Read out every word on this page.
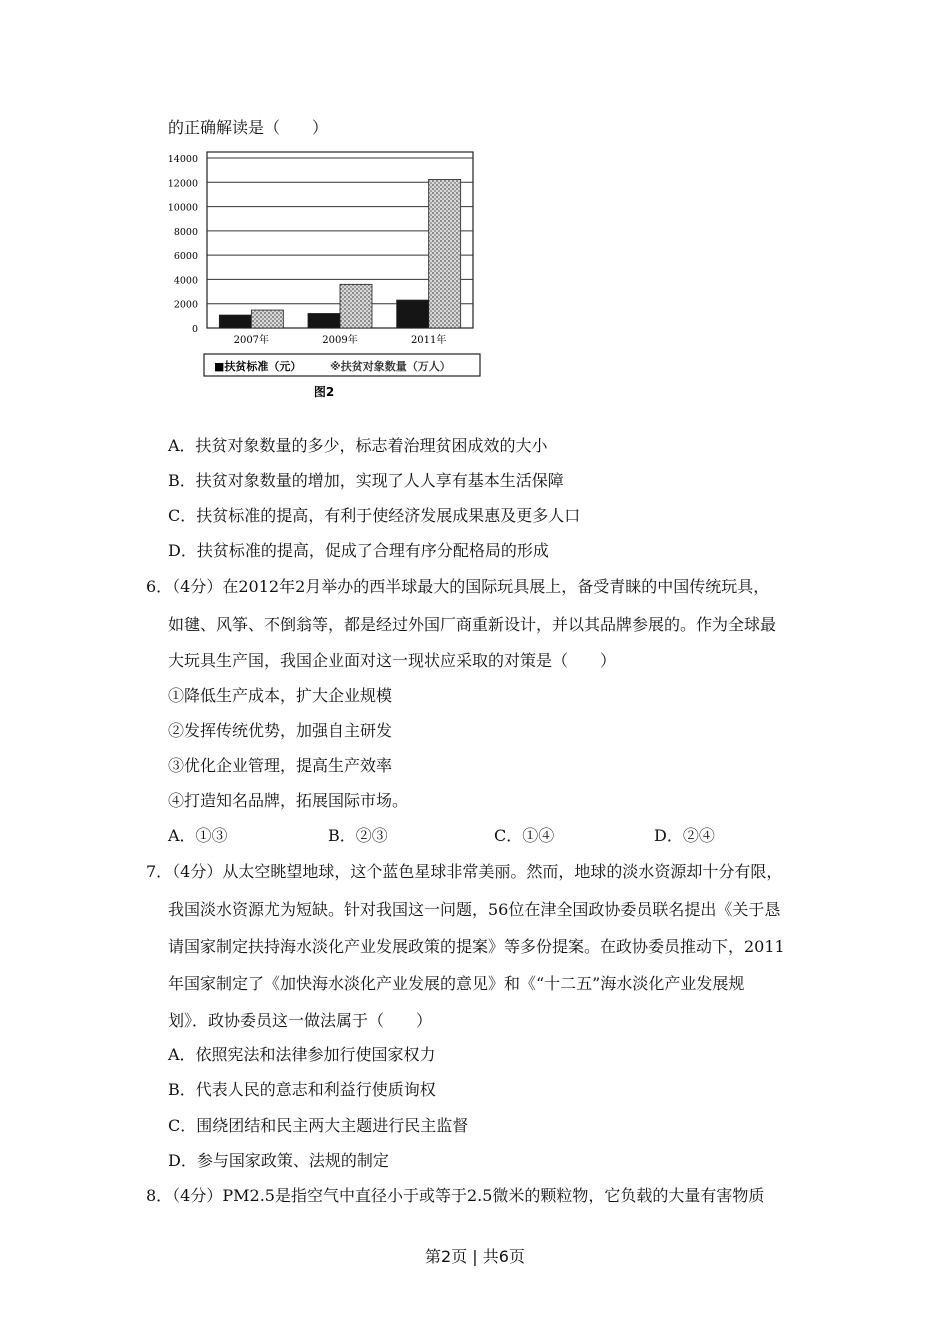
的正确解读是（　　）
0
2000
4000
6000
8000
10000
12000
14000
2007年	2009年	2011年
■扶贫标准（元）	※扶贫对象数量（万人）
图2
A．扶贫对象数量的多少，标志着治理贫困成效的大小
B．扶贫对象数量的增加，实现了人人享有基本生活保障
C．扶贫标准的提高，有利于使经济发展成果惠及更多人口
D．扶贫标准的提高，促成了合理有序分配格局的形成
6．（4分）在2012年2月举办的西半球最大的国际玩具展上，备受青睐的中国传统玩具，
如毽、风筝、不倒翁等，都是经过外国厂商重新设计，并以其品牌参展的。作为全球最
大玩具生产国，我国企业面对这一现状应采取的对策是（　　）
①降低生产成本，扩大企业规模
②发挥传统优势，加强自主研发
③优化企业管理，提高生产效率
④打造知名品牌，拓展国际市场。
A．①③	B．②③	C．①④	D．②④
7．（4分）从太空眺望地球，这个蓝色星球非常美丽。然而，地球的淡水资源却十分有限，
我国淡水资源尤为短缺。针对我国这一问题，56位在津全国政协委员联名提出《关于恳
请国家制定扶持海水淡化产业发展政策的提案》等多份提案。在政协委员推动下，2011
年国家制定了《加快海水淡化产业发展的意见》和《“十二五”海水淡化产业发展规
划》．政协委员这一做法属于（　　）
A．依照宪法和法律参加行使国家权力
B．代表人民的意志和利益行使质询权
C．围绕团结和民主两大主题进行民主监督
D．参与国家政策、法规的制定
8．（4分）PM2.5是指空气中直径小于或等于2.5微米的颗粒物，它负载的大量有害物质
第2页 | 共6页
